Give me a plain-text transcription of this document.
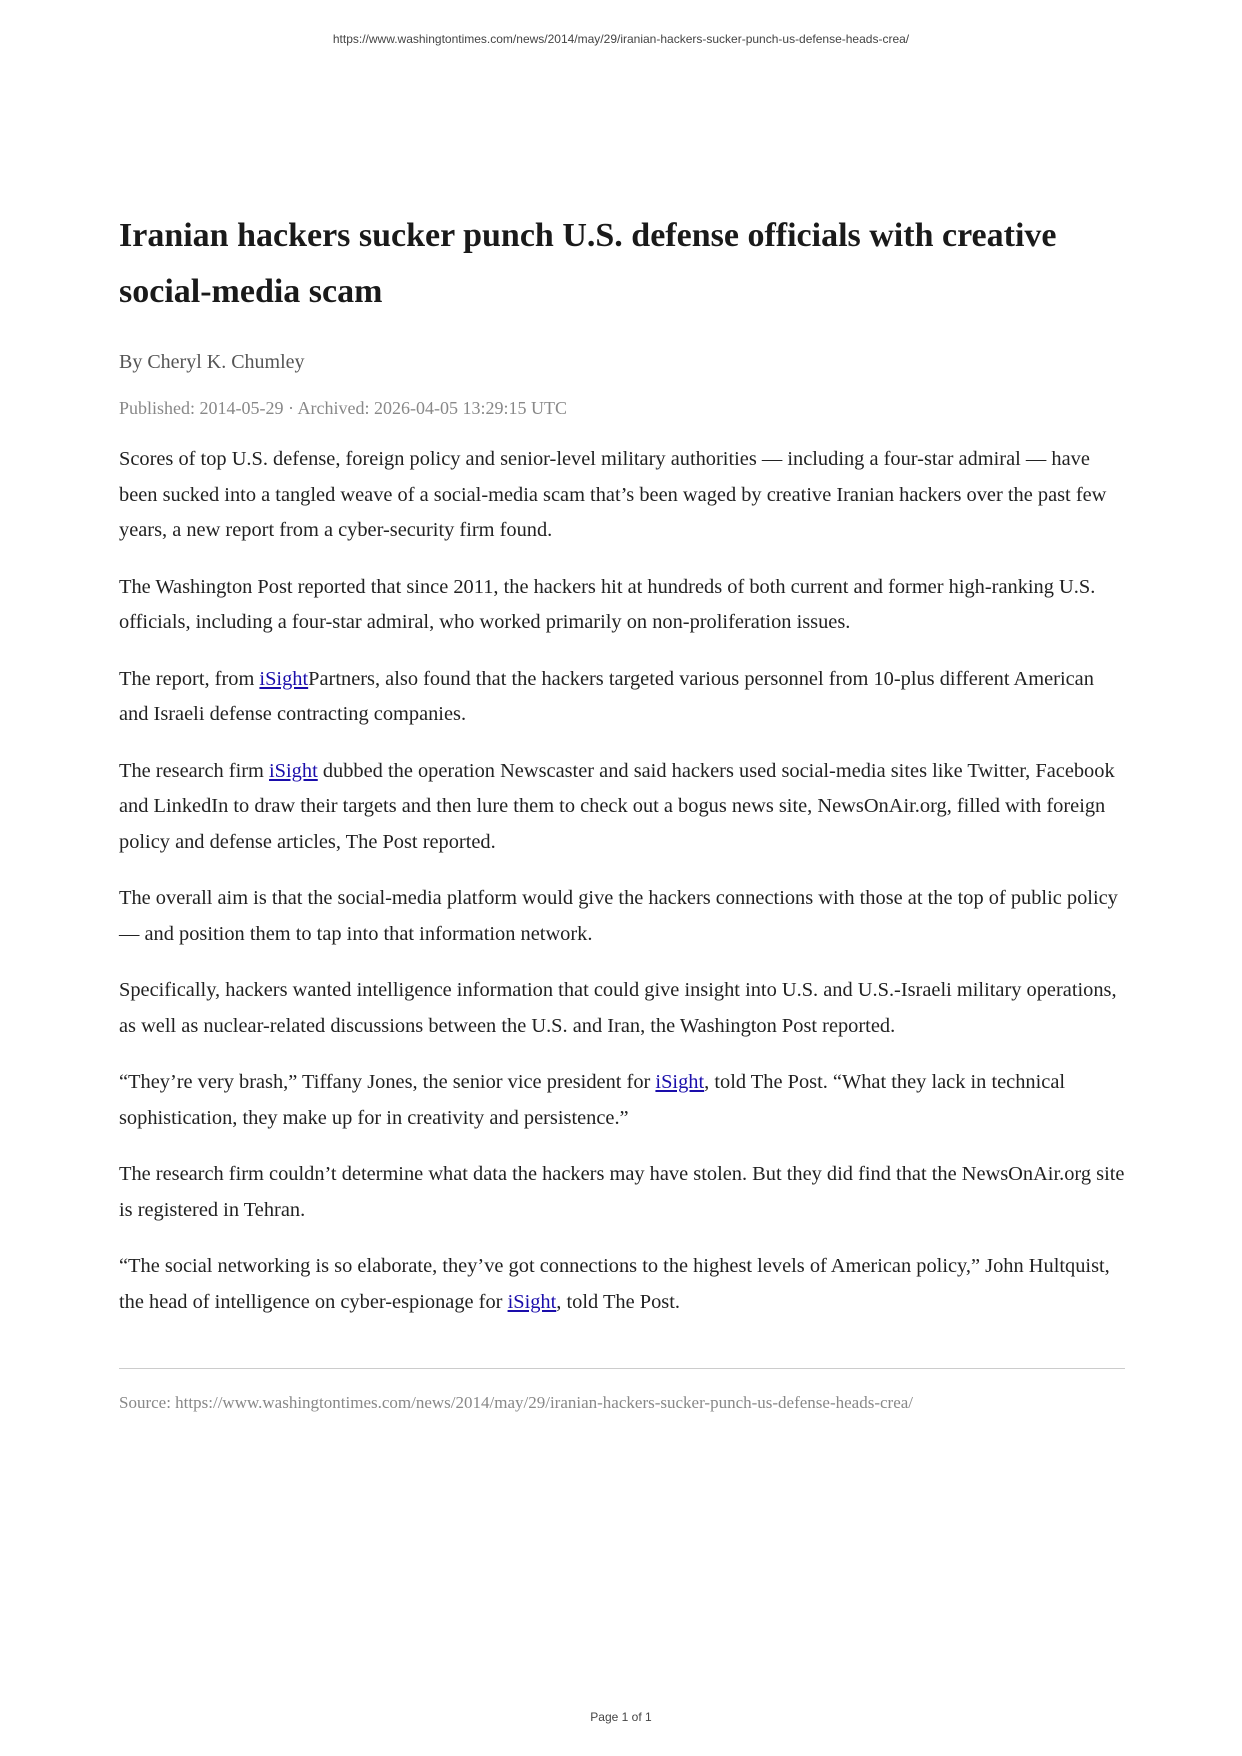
https://www.washingtontimes.com/news/2014/may/29/iranian-hackers-sucker-punch-us-defense-heads-crea/
Iranian hackers sucker punch U.S. defense officials with creative social-media scam
By Cheryl K. Chumley
Published: 2014-05-29 · Archived: 2026-04-05 13:29:15 UTC

Scores of top U.S. defense, foreign policy and senior-level military authorities — including a four-star admiral — have been sucked into a tangled weave of a social-media scam that’s been waged by creative Iranian hackers over the past few years, a new report from a cyber-security firm found.

The Washington Post reported that since 2011, the hackers hit at hundreds of both current and former high-ranking U.S. officials, including a four-star admiral, who worked primarily on non-proliferation issues.

The report, from iSightPartners, also found that the hackers targeted various personnel from 10-plus different American and Israeli defense contracting companies.

The research firm iSight dubbed the operation Newscaster and said hackers used social-media sites like Twitter, Facebook and LinkedIn to draw their targets and then lure them to check out a bogus news site, NewsOnAir.org, filled with foreign policy and defense articles, The Post reported.

The overall aim is that the social-media platform would give the hackers connections with those at the top of public policy — and position them to tap into that information network.

Specifically, hackers wanted intelligence information that could give insight into U.S. and U.S.-Israeli military operations, as well as nuclear-related discussions between the U.S. and Iran, the Washington Post reported.

“They’re very brash,” Tiffany Jones, the senior vice president for iSight, told The Post. “What they lack in technical sophistication, they make up for in creativity and persistence.”

The research firm couldn’t determine what data the hackers may have stolen. But they did find that the NewsOnAir.org site is registered in Tehran.

“The social networking is so elaborate, they’ve got connections to the highest levels of American policy,” John Hultquist, the head of intelligence on cyber-espionage for iSight, told The Post.

Source: https://www.washingtontimes.com/news/2014/may/29/iranian-hackers-sucker-punch-us-defense-heads-crea/
Page 1 of 1
